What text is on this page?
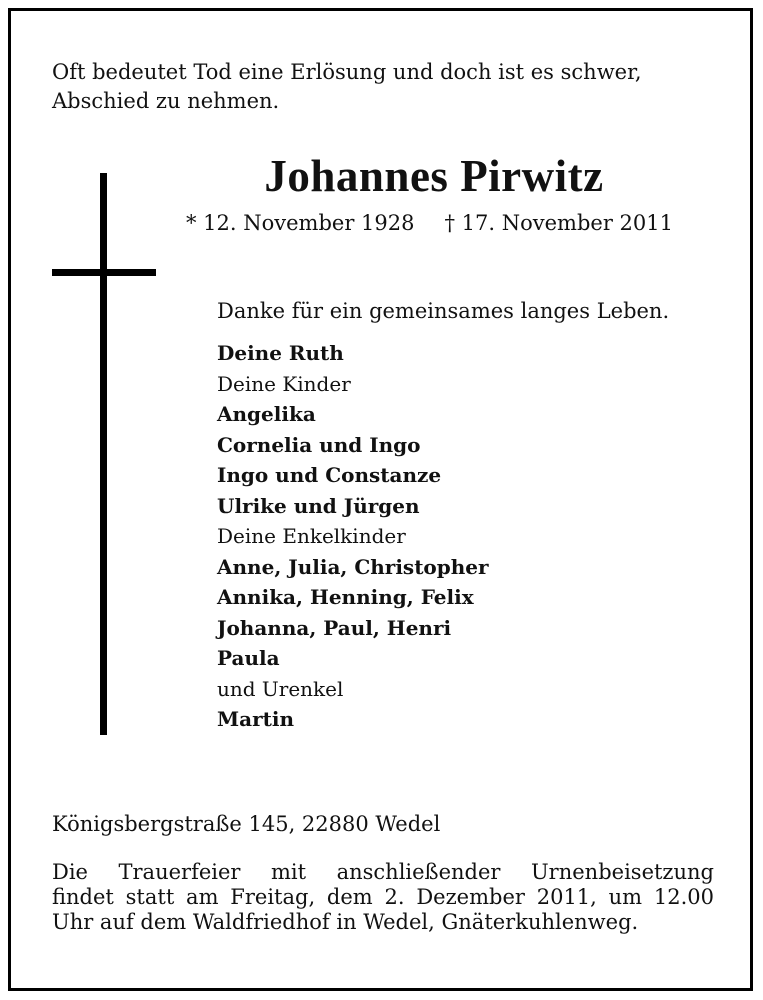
Oft bedeutet Tod eine Erlösung und doch ist es schwer,
Abschied zu nehmen.

Johannes Pirwitz
* 12. November 1928 † 17. November 2011
Danke für ein gemeinsames langes Leben.
Deine Ruth
Deine Kinder
Angelika
Cornelia und Ingo
Ingo und Constanze
Ulrike und Jürgen
Deine Enkelkinder
Anne, Julia, Christopher
Annika, Henning, Felix
Johanna, Paul, Henri
Paula
und Urenkel
Martin
Königsbergstraße 145, 22880 Wedel
Die Trauerfeier mit anschließender Urnenbeisetzung
findet statt am Freitag, dem 2. Dezember 2011, um 12.00
Uhr auf dem Waldfriedhof in Wedel, Gnäterkuhlenweg.
